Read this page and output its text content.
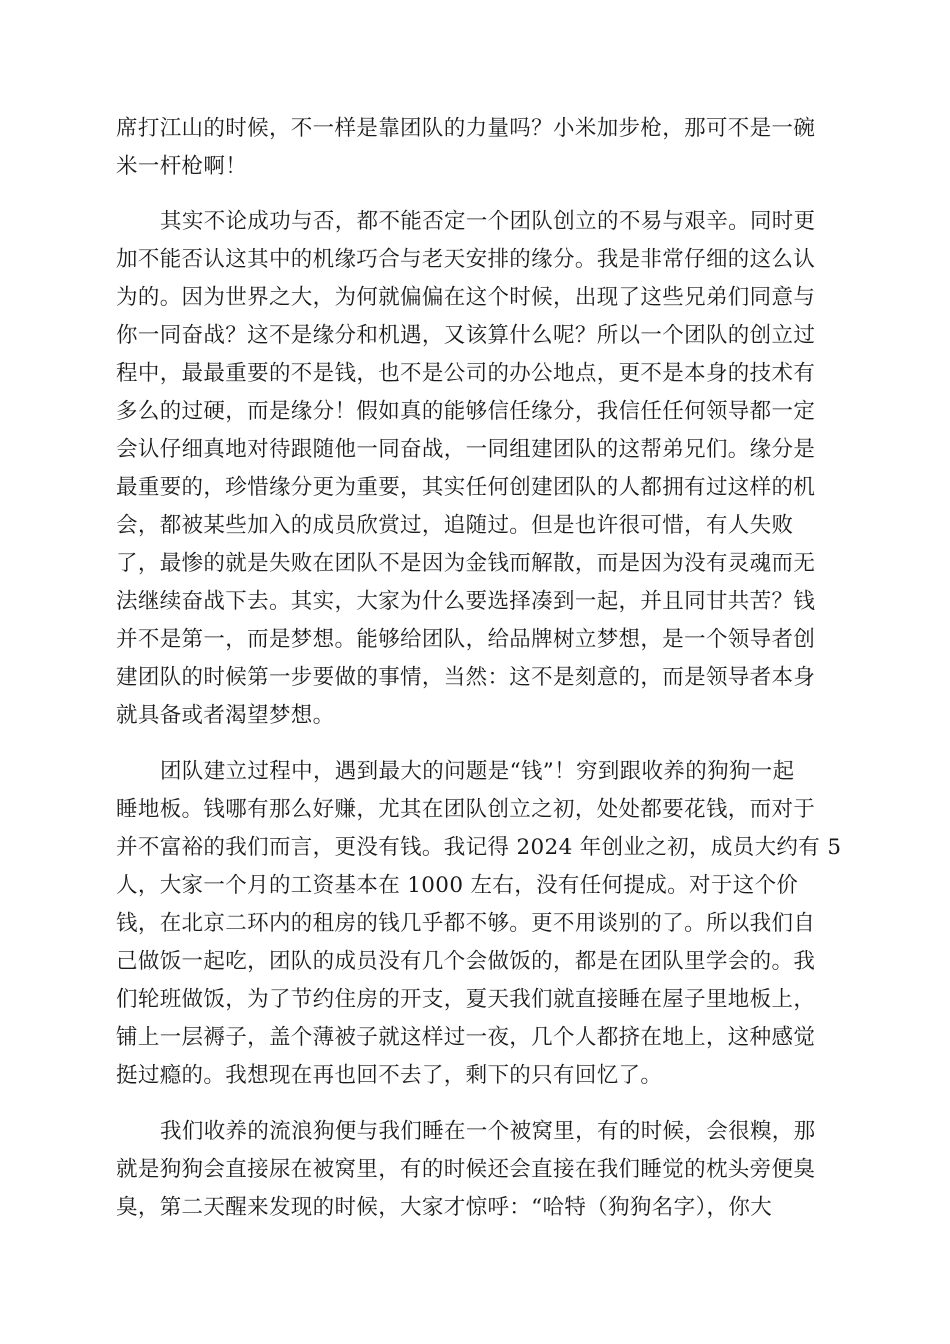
席打江山的时候，不一样是靠团队的力量吗？小米加步枪，那可不是一碗
米一杆枪啊！
其实不论成功与否，都不能否定一个团队创立的不易与艰辛。同时更
加不能否认这其中的机缘巧合与老天安排的缘分。我是非常仔细的这么认
为的。因为世界之大，为何就偏偏在这个时候，出现了这些兄弟们同意与
你一同奋战？这不是缘分和机遇，又该算什么呢？所以一个团队的创立过
程中，最最重要的不是钱，也不是公司的办公地点，更不是本身的技术有
多么的过硬，而是缘分！假如真的能够信任缘分，我信任任何领导都一定
会认仔细真地对待跟随他一同奋战，一同组建团队的这帮弟兄们。缘分是
最重要的，珍惜缘分更为重要，其实任何创建团队的人都拥有过这样的机
会，都被某些加入的成员欣赏过，追随过。但是也许很可惜，有人失败
了，最惨的就是失败在团队不是因为金钱而解散，而是因为没有灵魂而无
法继续奋战下去。其实，大家为什么要选择凑到一起，并且同甘共苦？钱
并不是第一，而是梦想。能够给团队，给品牌树立梦想，是一个领导者创
建团队的时候第一步要做的事情，当然：这不是刻意的，而是领导者本身
就具备或者渴望梦想。
团队建立过程中，遇到最大的问题是“钱”！穷到跟收养的狗狗一起
睡地板。钱哪有那么好赚，尤其在团队创立之初，处处都要花钱，而对于
并不富裕的我们而言，更没有钱。我记得 2024 年创业之初，成员大约有 5
人，大家一个月的工资基本在 1000 左右，没有任何提成。对于这个价
钱，在北京二环内的租房的钱几乎都不够。更不用谈别的了。所以我们自
己做饭一起吃，团队的成员没有几个会做饭的，都是在团队里学会的。我
们轮班做饭，为了节约住房的开支，夏天我们就直接睡在屋子里地板上，
铺上一层褥子，盖个薄被子就这样过一夜，几个人都挤在地上，这种感觉
挺过瘾的。我想现在再也回不去了，剩下的只有回忆了。
我们收养的流浪狗便与我们睡在一个被窝里，有的时候，会很糗，那
就是狗狗会直接尿在被窝里，有的时候还会直接在我们睡觉的枕头旁便臭
臭，第二天醒来发现的时候，大家才惊呼：“哈特（狗狗名字），你大
